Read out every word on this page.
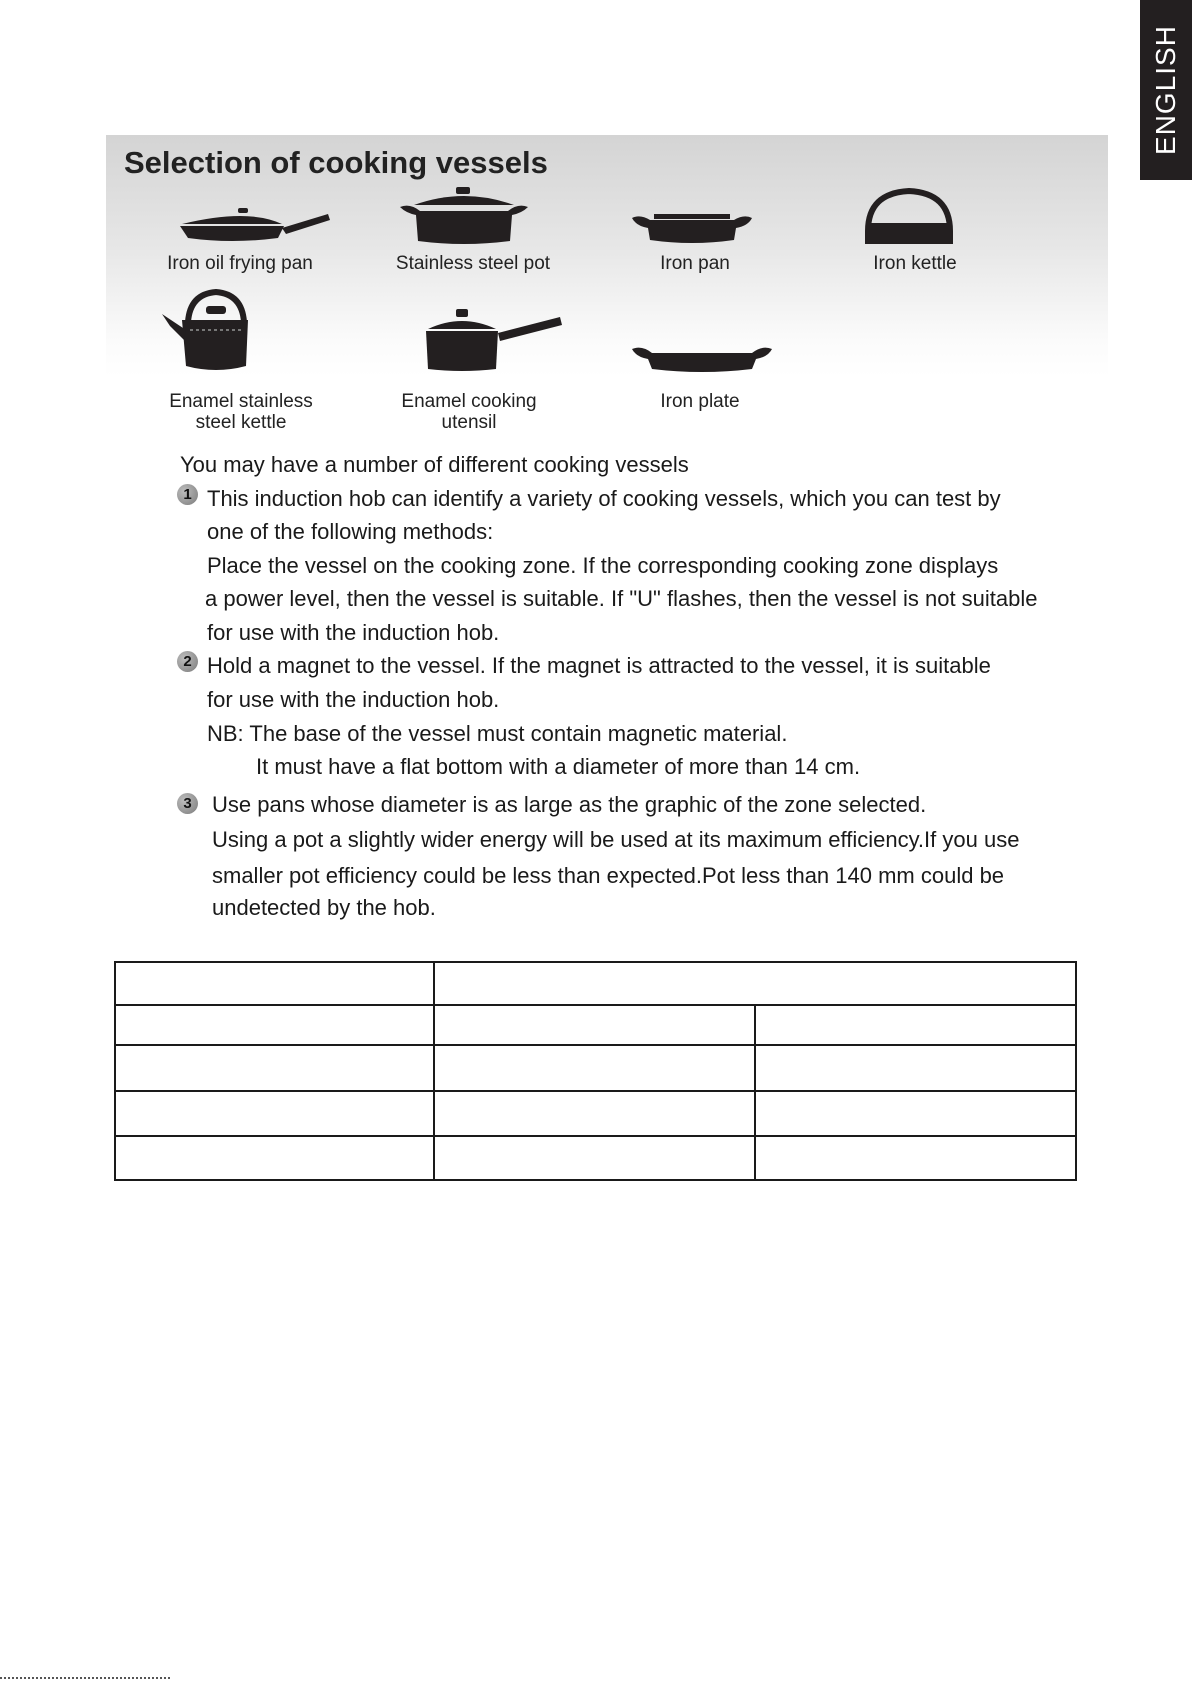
ENGLISH
Selection of cooking vessels
Iron oil frying pan	Stainless steel pot	Iron pan	Iron kettle
Enamel stainless
steel kettle
Enamel cooking
utensil
Iron plate
You may have a number of different cooking vessels
1 This induction hob can identify a variety of cooking vessels, which you can test by
one of the following methods:
Place the vessel on the cooking zone. If the corresponding cooking zone displays
a power level, then the vessel is suitable. If "U" flashes, then the vessel is not suitable
for use with the induction hob.
2 Hold a magnet to the vessel. If the magnet is attracted to the vessel, it is suitable
for use with the induction hob.
NB: The base of the vessel must contain magnetic material.
It must have a flat bottom with a diameter of more than 14 cm.
3 Use pans whose diameter is as large as the graphic of the zone selected.
Using a pot a slightly wider energy will be used at its maximum efficiency.If you use
smaller pot efficiency could be less than expected.Pot less than 140 mm could be
undetected by the hob.
